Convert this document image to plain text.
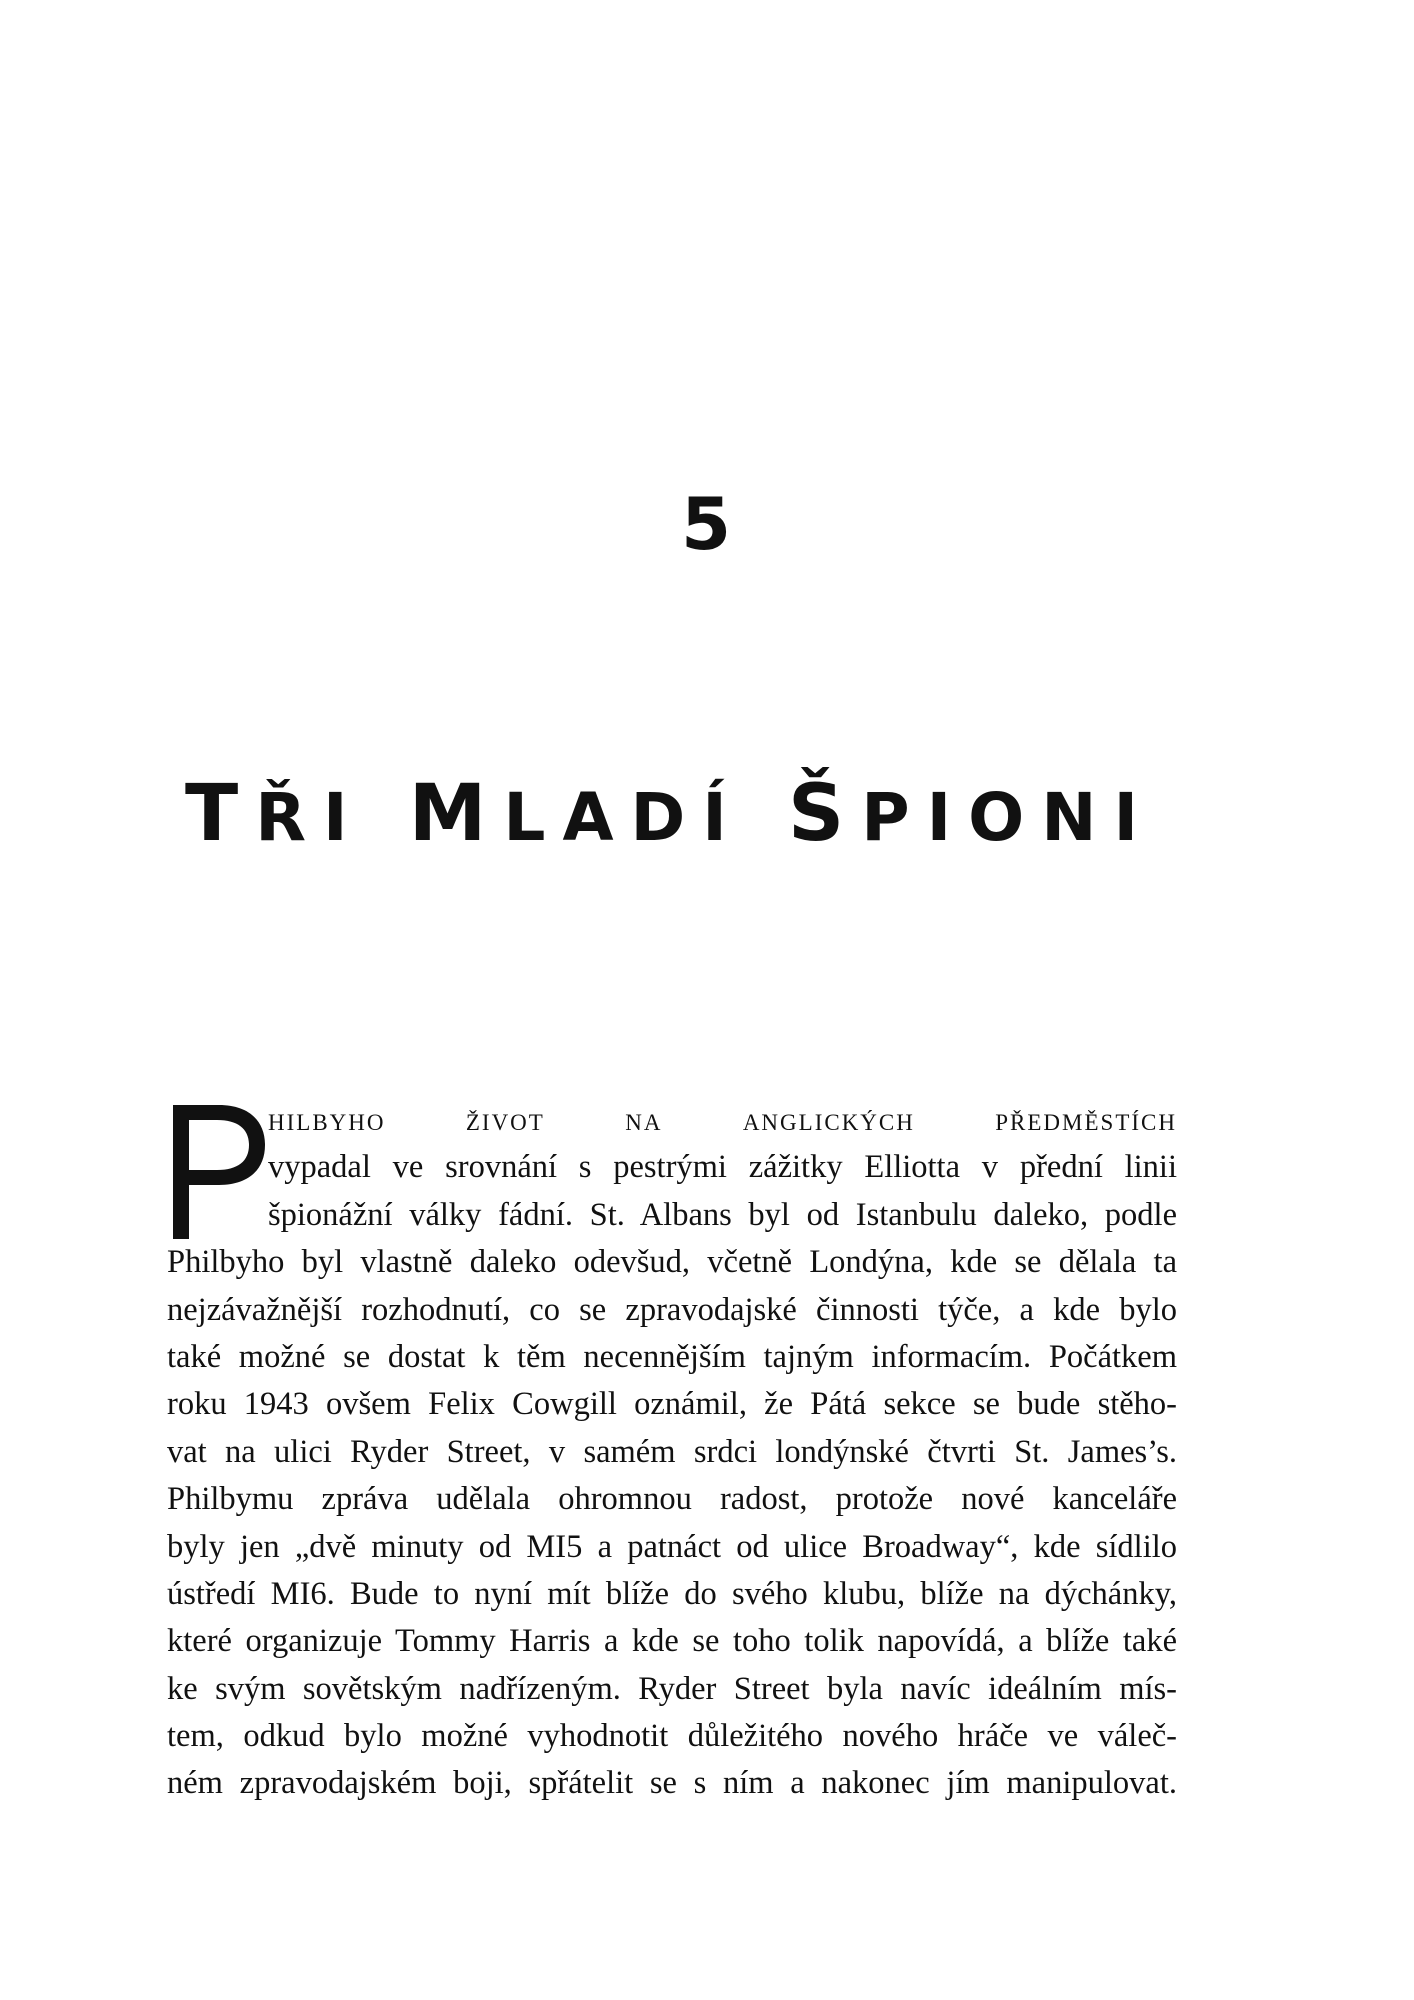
5
TŘI MLADÍ ŠPIONI
hilbyho život na anglických předměstích
vypadal ve srovnání s pestrými zážitky Elliotta v přední linii
špionážní války fádní. St. Albans byl od Istanbulu daleko, podle
Philbyho byl vlastně daleko odevšud, včetně Londýna, kde se dělala ta
nejzávažnější rozhodnutí, co se zpravodajské činnosti týče, a kde bylo
také možné se dostat k těm necennějším tajným informacím. Počátkem
roku 1943 ovšem Felix Cowgill oznámil, že Pátá sekce se bude stěho-
vat na ulici Ryder Street, v samém srdci londýnské čtvrti St. James’s.
Philbymu zpráva udělala ohromnou radost, protože nové kanceláře
byly jen „dvě minuty od MI5 a patnáct od ulice Broadway“, kde sídlilo
ústředí MI6. Bude to nyní mít blíže do svého klubu, blíže na dýchánky,
které organizuje Tommy Harris a kde se toho tolik napovídá, a blíže také
ke svým sovětským nadřízeným. Ryder Street byla navíc ideálním mís-
tem, odkud bylo možné vyhodnotit důležitého nového hráče ve váleč-
ném zpravodajském boji, spřátelit se s ním a nakonec jím manipulovat.
